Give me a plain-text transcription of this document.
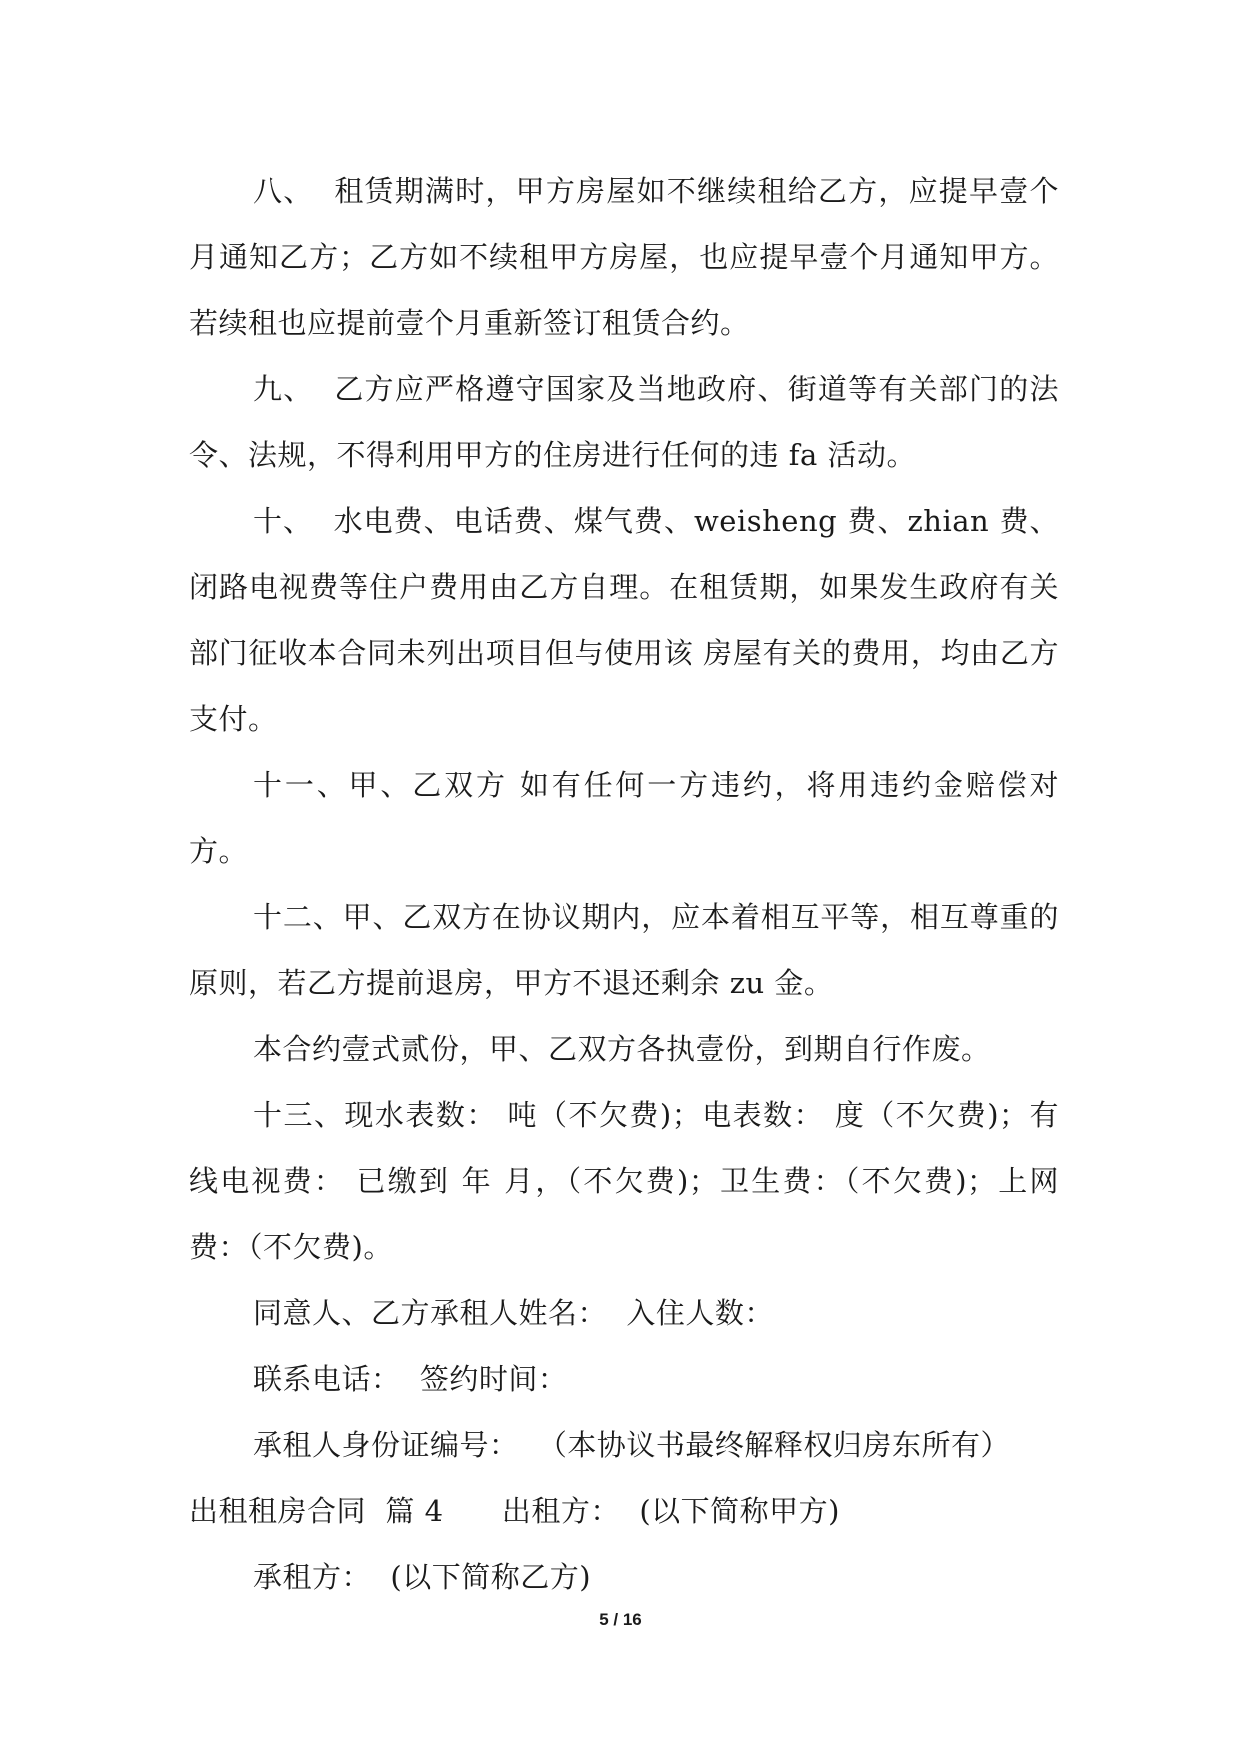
八、  租赁期满时，甲方房屋如不继续租给乙方，应提早壹个月通知乙方；乙方如不续租甲方房屋，也应提早壹个月通知甲方。若续租也应提前壹个月重新签订租赁合约。

九、  乙方应严格遵守国家及当地政府、街道等有关部门的法令、法规，不得利用甲方的住房进行任何的违 fa 活动。

十、  水电费、电话费、煤气费、weisheng 费、zhian 费、闭路电视费等住户费用由乙方自理。在租赁期，如果发生政府有关部门征收本合同未列出项目但与使用该 房屋有关的费用，均由乙方支付。

十一、甲、乙双方 如有任何一方违约，将用违约金赔偿对方。

十二、甲、乙双方在协议期内，应本着相互平等，相互尊重的原则，若乙方提前退房，甲方不退还剩余 zu 金。

本合约壹式贰份，甲、乙双方各执壹份，到期自行作废。

十三、现水表数： 吨（不欠费)；电表数： 度（不欠费)；有线电视费： 已缴到 年 月，（不欠费)；卫生费：（不欠费)；上网费：（不欠费)。

同意人、乙方承租人姓名：  入住人数：

联系电话：  签约时间：

承租人身份证编号：  （本协议书最终解释权归房东所有）

出租租房合同  篇 4      出租方：  (以下简称甲方)

承租方：  (以下简称乙方)

5 / 16
